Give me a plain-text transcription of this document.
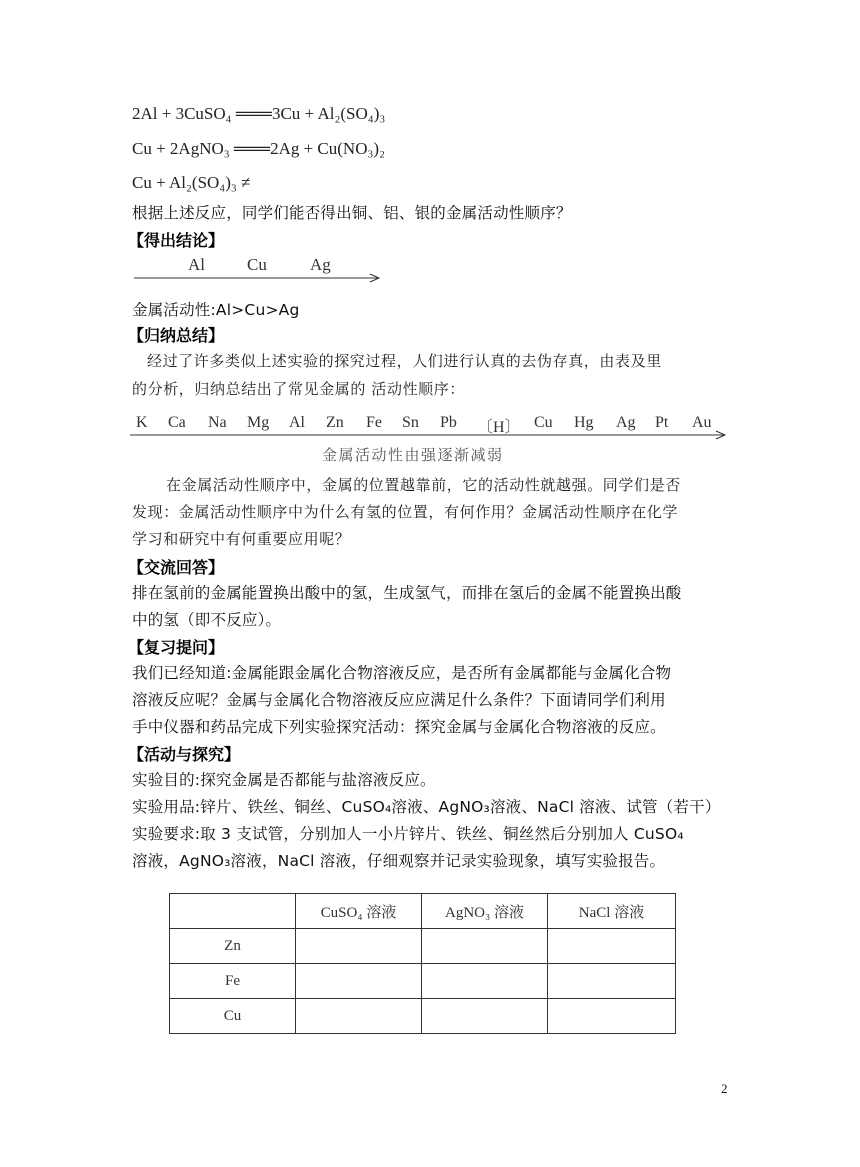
2Al + 3CuSO₄ ═══3Cu + Al₂(SO₄)₃
Cu + 2AgNO₃ ═══2Ag + Cu(NO₃)₂
Cu + Al₂(SO₄)₃ ≠
根据上述反应，同学们能否得出铜、铝、银的金属活动性顺序？
【得出结论】
Al Cu	Ag
金属活动性:Al>Cu>Ag
【归纳总结】
经过了许多类似上述实验的探究过程，人们进行认真的去伪存真，由表及里
的分析，归纳总结出了常见金属的 活动性顺序：
K Ca Na Mg Al Zn Fe Sn Pb 〔H〕 Cu Hg Ag Pt Au
金属活动性由强逐渐减弱
在金属活动性顺序中，金属的位置越靠前，它的活动性就越强。同学们是否
发现：金属活动性顺序中为什么有氢的位置，有何作用？金属活动性顺序在化学
学习和研究中有何重要应用呢？
【交流回答】
排在氢前的金属能置换出酸中的氢，生成氢气，而排在氢后的金属不能置换出酸
中的氢（即不反应）。
【复习提问】
我们已经知道:金属能跟金属化合物溶液反应，是否所有金属都能与金属化合物
溶液反应呢？金属与金属化合物溶液反应应满足什么条件？下面请同学们利用
手中仪器和药品完成下列实验探究活动：探究金属与金属化合物溶液的反应。
【活动与探究】
实验目的:探究金属是否都能与盐溶液反应。
实验用品:锌片、铁丝、铜丝、CuSO₄溶液、AgNO₃溶液、NaCl 溶液、试管（若干）
实验要求:取 3 支试管，分别加人一小片锌片、铁丝、铜丝然后分别加人 CuSO₄
溶液，AgNO₃溶液，NaCl 溶液，仔细观察并记录实验现象，填写实验报告。
	CuSO₄ 溶液	AgNO₃ 溶液	NaCl 溶液
Zn			
Fe			
Cu			
2
